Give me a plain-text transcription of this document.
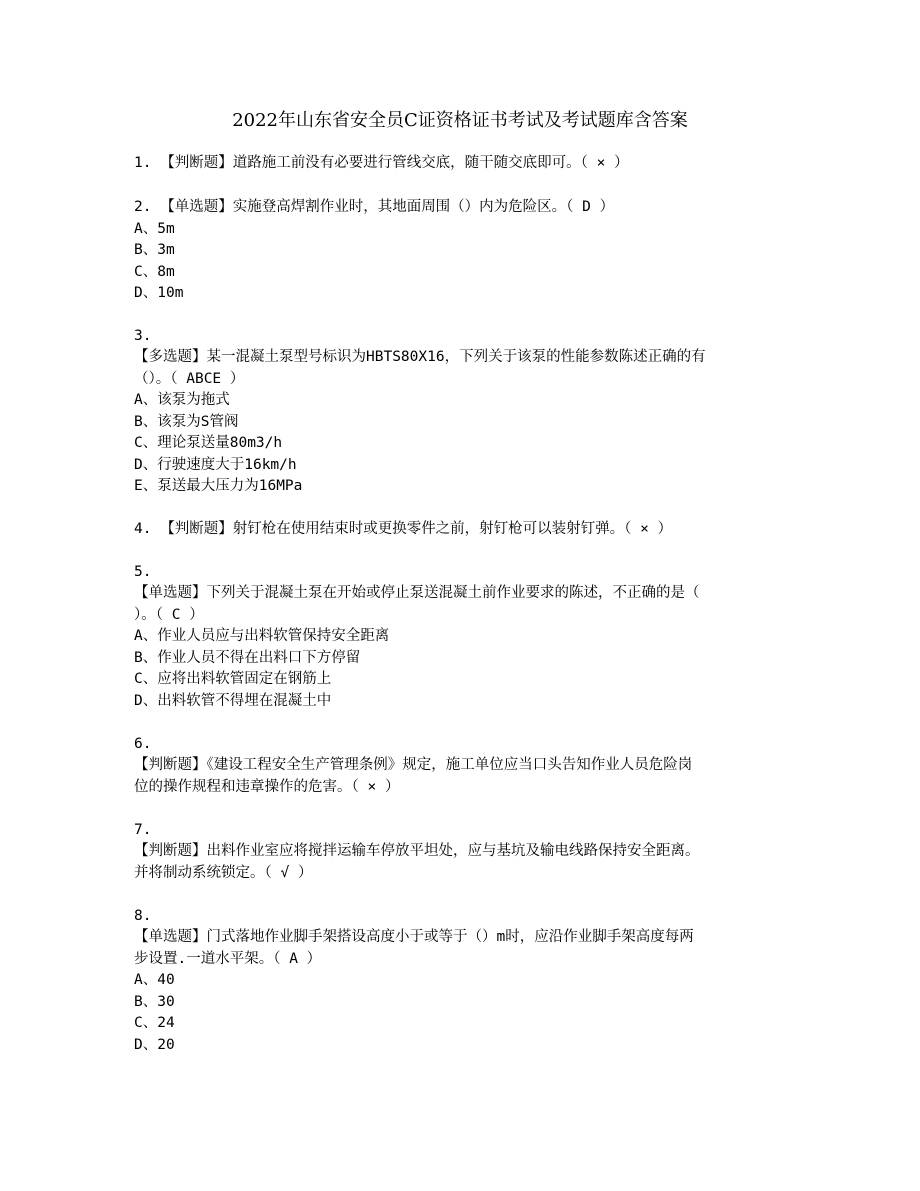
2022年山东省安全员C证资格证书考试及考试题库含答案
1. 【判断题】道路施工前没有必要进行管线交底，随干随交底即可。（ × ）
2. 【单选题】实施登高焊割作业时，其地面周围（）内为危险区。（ D ）
A、5m
B、3m
C、8m
D、10m
3.
【多选题】某一混凝土泵型号标识为HBTS80X16，下列关于该泵的性能参数陈述正确的有
（）。（ ABCE ）
A、该泵为拖式
B、该泵为S管阀
C、理论泵送量80m3/h
D、行驶速度大于16km/h
E、泵送最大压力为16MPa
4. 【判断题】射钉枪在使用结束时或更换零件之前，射钉枪可以装射钉弹。（ × ）
5.
【单选题】下列关于混凝土泵在开始或停止泵送混凝土前作业要求的陈述，不正确的是（
）。（ C ）
A、作业人员应与出料软管保持安全距离
B、作业人员不得在出料口下方停留
C、应将出料软管固定在钢筋上
D、出料软管不得埋在混凝土中
6.
【判断题】《建设工程安全生产管理条例》规定，施工单位应当口头告知作业人员危险岗
位的操作规程和违章操作的危害。（ × ）
7.
【判断题】出料作业室应将搅拌运输车停放平坦处，应与基坑及输电线路保持安全距离。
并将制动系统锁定。（ √ ）
8.
【单选题】门式落地作业脚手架搭设高度小于或等于（）m时，应沿作业脚手架高度每两
步设置.一道水平架。（ A ）
A、40
B、30
C、24
D、20
